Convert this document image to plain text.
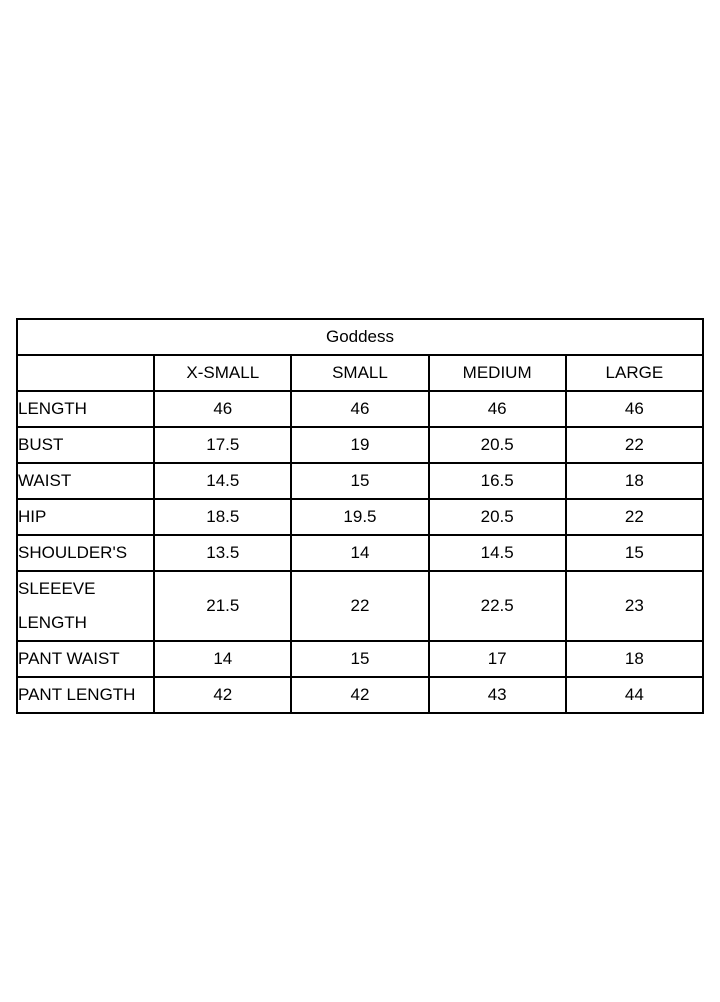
Goddess				
	X-SMALL	SMALL	MEDIUM	LARGE
LENGTH	46	46	46	46
BUST	17.5	19	20.5	22
WAIST	14.5	15	16.5	18
HIP	18.5	19.5	20.5	22
SHOULDER'S	13.5	14	14.5	15
SLEEEVE LENGTH	21.5	22	22.5	23
PANT WAIST	14	15	17	18
PANT LENGTH	42	42	43	44
